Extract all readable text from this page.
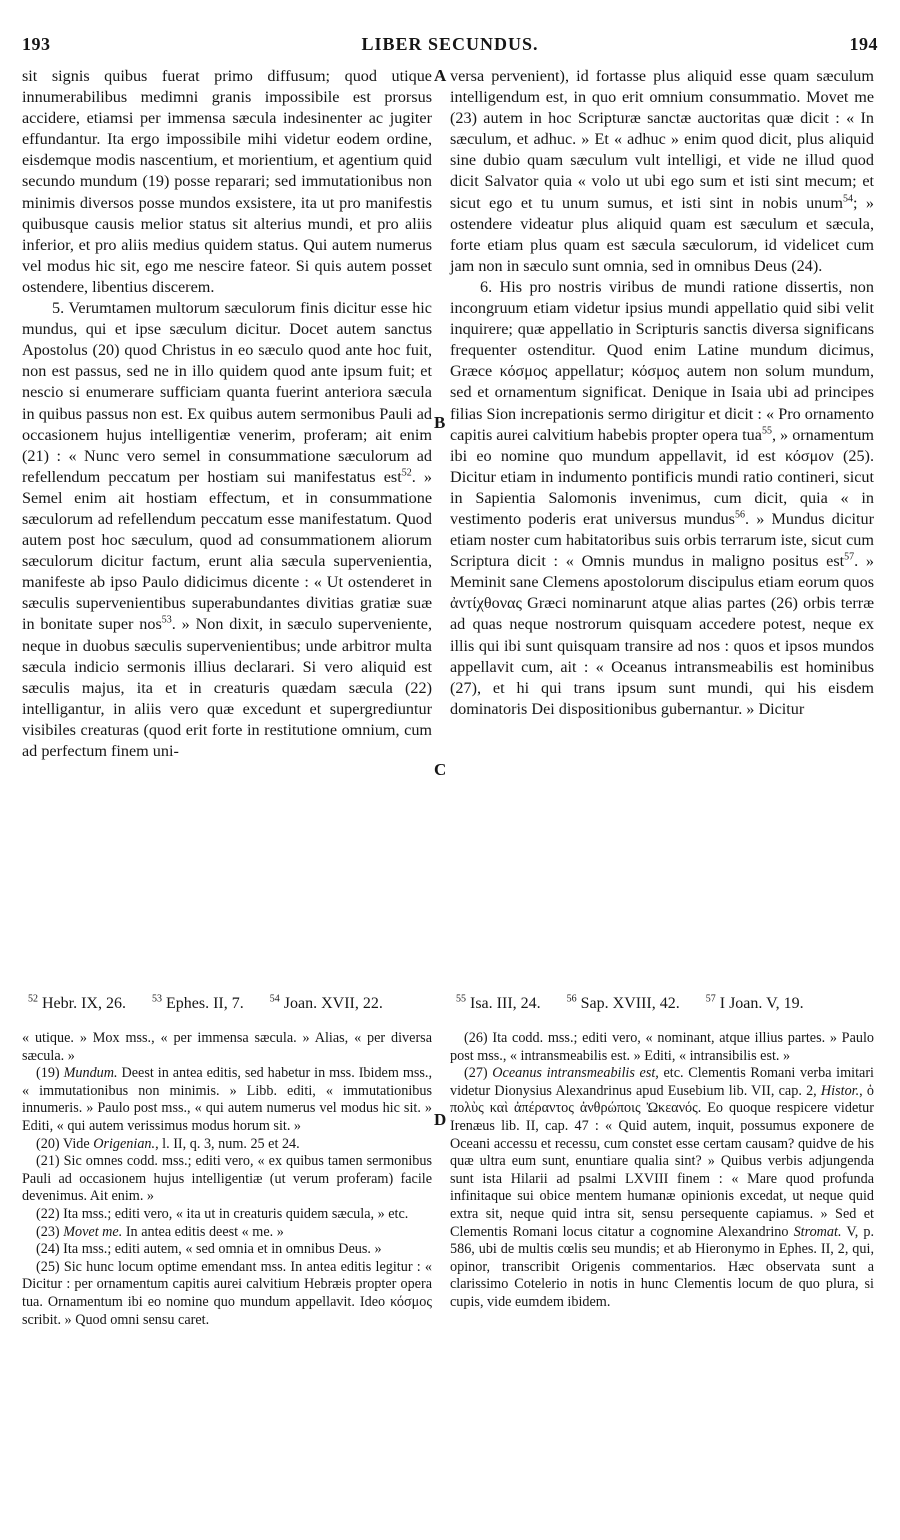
193	LIBER SECUNDUS.	194
A
B
C
D

sit signis quibus fuerat primo diffusum; quod utique innumerabilibus medimni granis impossibile est prorsus accidere, etiamsi per immensa sæcula indesinenter ac jugiter effundantur. Ita ergo impossibile mihi videtur eodem ordine, eisdemque modis nascentium, et morientium, et agentium quid secundo mundum (19) posse reparari; sed immutationibus non minimis diversos posse mundos exsistere, ita ut pro manifestis quibusque causis melior status sit alterius mundi, et pro aliis inferior, et pro aliis medius quidem status. Qui autem numerus vel modus hic sit, ego me nescire fateor. Si quis autem posset ostendere, libentius discerem.

5. Verumtamen multorum sæculorum finis dicitur esse hic mundus, qui et ipse sæculum dicitur. Docet autem sanctus Apostolus (20) quod Christus in eo sæculo quod ante hoc fuit, non est passus, sed ne in illo quidem quod ante ipsum fuit; et nescio si enumerare sufficiam quanta fuerint anteriora sæcula in quibus passus non est. Ex quibus autem sermonibus Pauli ad occasionem hujus intelligentiæ venerim, proferam; ait enim (21) : « Nunc vero semel in consummatione sæculorum ad refellendum peccatum per hostiam sui manifestatus est$^{52}$. » Semel enim ait hostiam effectum, et in consummatione sæculorum ad refellendum peccatum esse manifestatum. Quod autem post hoc sæculum, quod ad consummationem aliorum sæculorum dicitur factum, erunt alia sæcula supervenientia, manifeste ab ipso Paulo didicimus dicente : « Ut ostenderet in sæculis supervenientibus superabundantes divitias gratiæ suæ in bonitate super nos$^{53}$. » Non dixit, in sæculo superveniente, neque in duobus sæculis supervenientibus; unde arbitror multa sæcula indicio sermonis illius declarari. Si vero aliquid est sæculis majus, ita et in creaturis quædam sæcula (22) intelligantur, in aliis vero quæ excedunt et supergrediuntur visibiles creaturas (quod erit forte in restitutione omnium, cum ad perfectum finem uni-

versa pervenient), id fortasse plus aliquid esse quam sæculum intelligendum est, in quo erit omnium consummatio. Movet me (23) autem in hoc Scripturæ sanctæ auctoritas quæ dicit : « In sæculum, et adhuc. » Et « adhuc » enim quod dicit, plus aliquid sine dubio quam sæculum vult intelligi, et vide ne illud quod dicit Salvator quia « volo ut ubi ego sum et isti sint mecum; et sicut ego et tu unum sumus, et isti sint in nobis unum$^{54}$; » ostendere videatur plus aliquid quam est sæculum et sæcula, forte etiam plus quam est sæcula sæculorum, id videlicet cum jam non in sæculo sunt omnia, sed in omnibus Deus (24).

6. His pro nostris viribus de mundi ratione dissertis, non incongruum etiam videtur ipsius mundi appellatio quid sibi velit inquirere; quæ appellatio in Scripturis sanctis diversa significans frequenter ostenditur. Quod enim Latine mundum dicimus, Græce κόσμος appellatur; κόσμος autem non solum mundum, sed et ornamentum significat. Denique in Isaia ubi ad principes filias Sion increpationis sermo dirigitur et dicit : « Pro ornamento capitis aurei calvitium habebis propter opera tua$^{55}$, » ornamentum ibi eo nomine quo mundum appellavit, id est κόσμον (25). Dicitur etiam in indumento pontificis mundi ratio contineri, sicut in Sapientia Salomonis invenimus, cum dicit, quia « in vestimento poderis erat universus mundus$^{56}$. » Mundus dicitur etiam noster cum habitatoribus suis orbis terrarum iste, sicut cum Scriptura dicit : « Omnis mundus in maligno positus est$^{57}$. » Meminit sane Clemens apostolorum discipulus etiam eorum quos ἀντίχθονας Græci nominarunt atque alias partes (26) orbis terræ ad quas neque nostrorum quisquam accedere potest, neque ex illis qui ibi sunt quisquam transire ad nos : quos et ipsos mundos appellavit cum, ait : « Oceanus intransmeabilis est hominibus (27), et hi qui trans ipsum sunt mundi, qui his eisdem dominatoris Dei dispositionibus gubernantur. » Dicitur

$^{52}$ Hebr. IX, 26.	$^{53}$ Ephes. II, 7.	$^{54}$ Joan. XVII, 22.	$^{55}$ Isa. III, 24.	$^{56}$ Sap. XVIII, 42.	$^{57}$ I Joan. V, 19.

« utique. » Mox mss., « per immensa sæcula. » Alias, « per diversa sæcula. »

(19) Mundum. Deest in antea editis, sed habetur in mss. Ibidem mss., « immutationibus non minimis. » Libb. editi, « immutationibus innumeris. » Paulo post mss., « qui autem numerus vel modus hic sit. » Editi, « qui autem verissimus modus horum sit. »

(20) Vide Origenian., l. II, q. 3, num. 25 et 24.

(21) Sic omnes codd. mss.; editi vero, « ex quibus tamen sermonibus Pauli ad occasionem hujus intelligentiæ (ut verum proferam) facile devenimus. Ait enim. »

(22) Ita mss.; editi vero, « ita ut in creaturis quidem sæcula, » etc.

(23) Movet me. In antea editis deest « me. »

(24) Ita mss.; editi autem, « sed omnia et in omnibus Deus. »

(25) Sic hunc locum optime emendant mss. In antea editis legitur : « Dicitur : per ornamentum capitis aurei calvitium Hebræis propter opera tua. Ornamentum ibi eo nomine quo mundum appellavit. Ideo κόσμος scribit. » Quod omni sensu caret.

(26) Ita codd. mss.; editi vero, « nominant, atque illius partes. » Paulo post mss., « intransmeabilis est. » Editi, « intransibilis est. »

(27) Oceanus intransmeabilis est, etc. Clementis Romani verba imitari videtur Dionysius Alexandrinus apud Eusebium lib. VII, cap. 2, Histor., ὁ πολὺς καὶ ἀπέραντος ἀνθρώποις Ὠκεανός. Eo quoque respicere videtur Irenæus lib. II, cap. 47 : « Quid autem, inquit, possumus exponere de Oceani accessu et recessu, cum constet esse certam causam? quidve de his quæ ultra eum sunt, enuntiare qualia sint? » Quibus verbis adjungenda sunt ista Hilarii ad psalmi LXVIII finem : « Mare quod profunda infinitaque sui obice mentem humanæ opinionis excedat, ut neque quid extra sit, neque quid intra sit, sensu persequente capiamus. » Sed et Clementis Romani locus citatur a cognomine Alexandrino Stromat. V, p. 586, ubi de multis cœlis seu mundis; et ab Hieronymo in Ephes. II, 2, qui, opinor, transcribit Origenis commentarios. Hæc observata sunt a clarissimo Cotelerio in notis in hunc Clementis locum de quo plura, si cupis, vide eumdem ibidem.
